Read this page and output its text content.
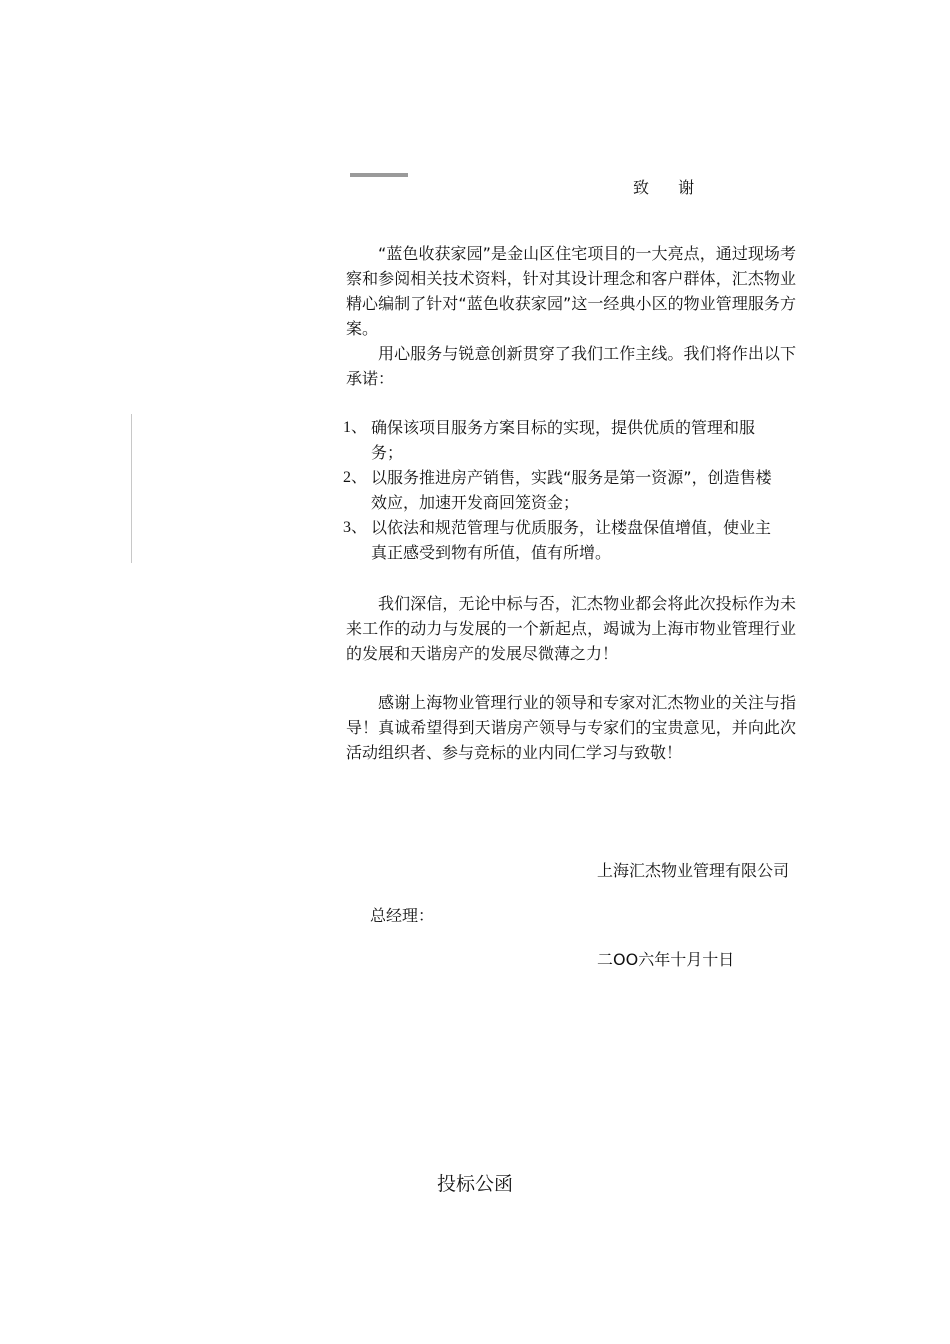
致 谢

“蓝色收获家园”是金山区住宅项目的一大亮点，通过现场考察和参阅相关技术资料，针对其设计理念和客户群体，汇杰物业精心编制了针对“蓝色收获家园”这一经典小区的物业管理服务方案。

用心服务与锐意创新贯穿了我们工作主线。我们将作出以下承诺：

1、 确保该项目服务方案目标的实现，提供优质的管理和服务；
2、 以服务推进房产销售，实践“服务是第一资源”，创造售楼效应，加速开发商回笼资金；
3、 以依法和规范管理与优质服务，让楼盘保值增值，使业主真正感受到物有所值，值有所增。

我们深信，无论中标与否，汇杰物业都会将此次投标作为未来工作的动力与发展的一个新起点，竭诚为上海市物业管理行业的发展和天谐房产的发展尽微薄之力！

感谢上海物业管理行业的领导和专家对汇杰物业的关注与指导！真诚希望得到天谐房产领导与专家们的宝贵意见，并向此次活动组织者、参与竞标的业内同仁学习与致敬！

上海汇杰物业管理有限公司
总经理：
二OO六年十月十日
投标公函
